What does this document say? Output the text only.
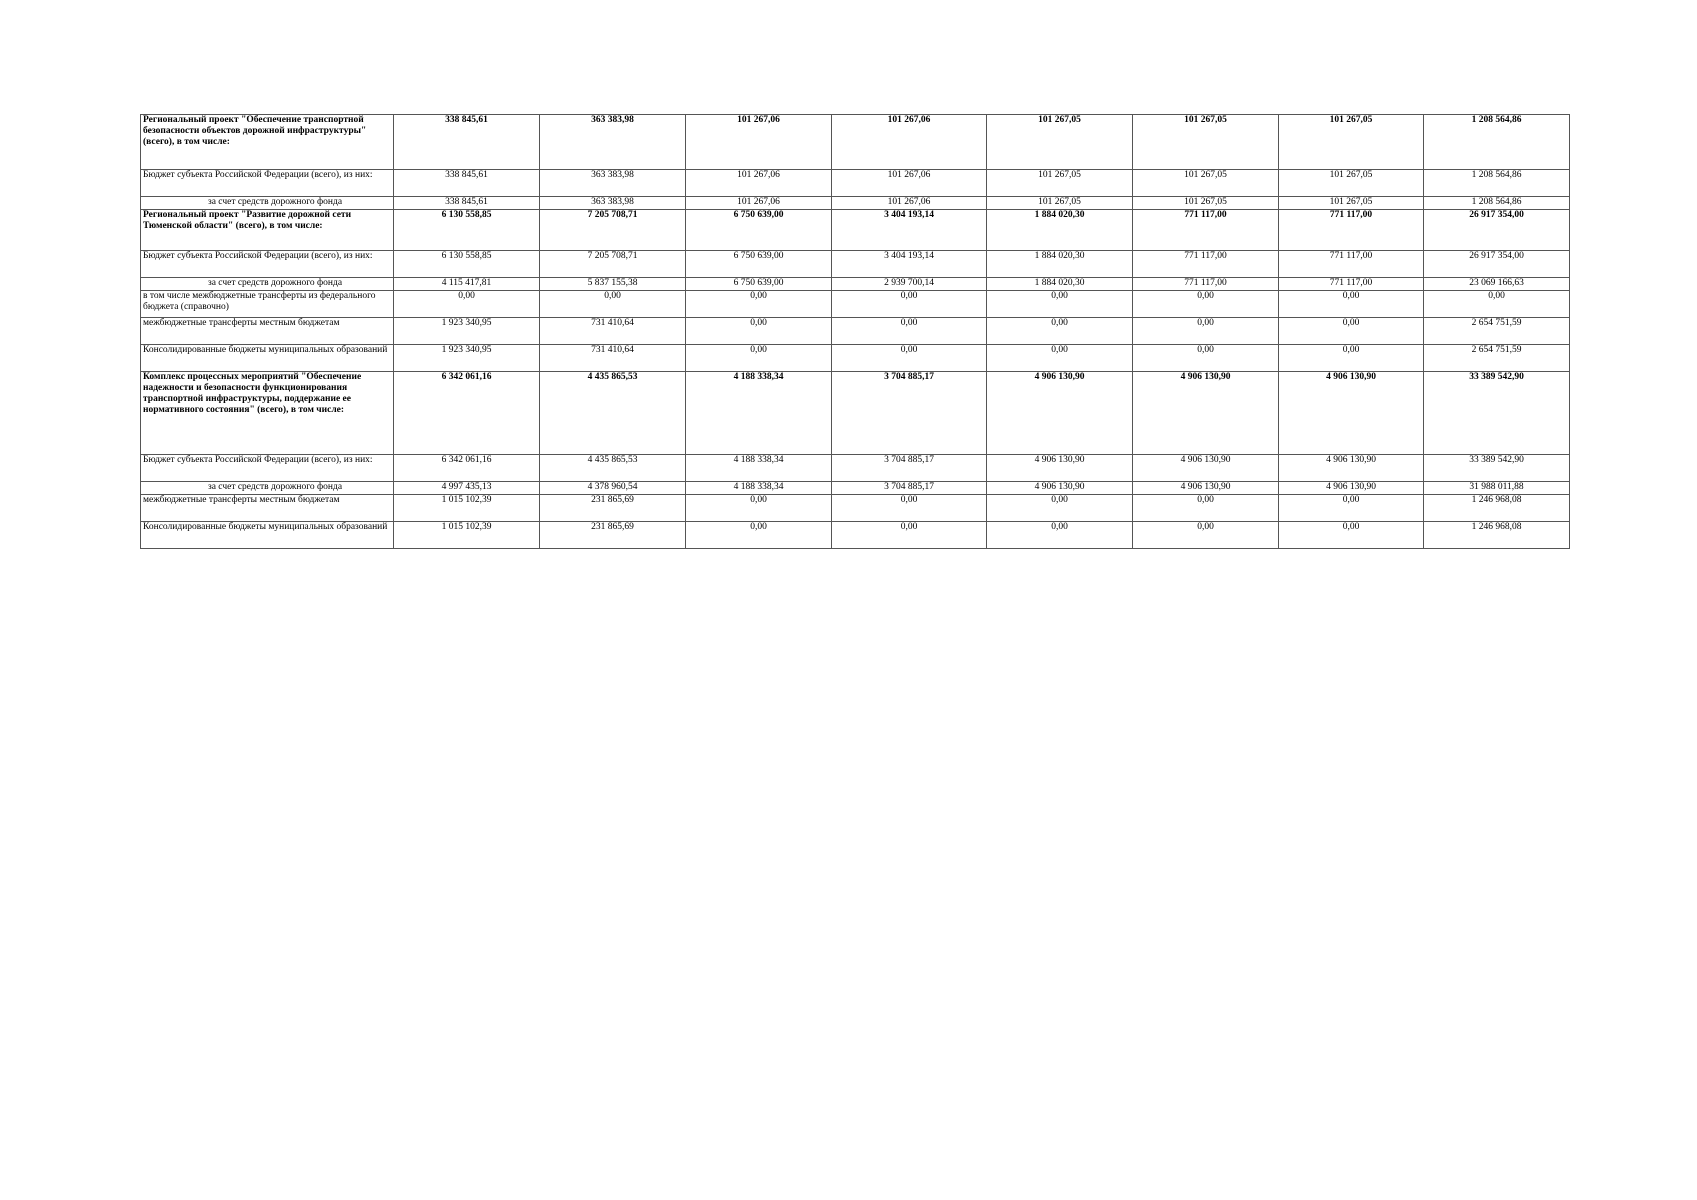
Региональный проект "Обеспечение транспортной безопасности объектов дорожной инфраструктуры" (всего), в том числе:	338 845,61	363 383,98	101 267,06	101 267,06	101 267,05	101 267,05	101 267,05	1 208 564,86
Бюджет субъекта Российской Федерации (всего), из них:	338 845,61	363 383,98	101 267,06	101 267,06	101 267,05	101 267,05	101 267,05	1 208 564,86
за счет средств дорожного фонда	338 845,61	363 383,98	101 267,06	101 267,06	101 267,05	101 267,05	101 267,05	1 208 564,86
Региональный проект "Развитие дорожной сети Тюменской области" (всего), в том числе:	6 130 558,85	7 205 708,71	6 750 639,00	3 404 193,14	1 884 020,30	771 117,00	771 117,00	26 917 354,00
Бюджет субъекта Российской Федерации (всего), из них:	6 130 558,85	7 205 708,71	6 750 639,00	3 404 193,14	1 884 020,30	771 117,00	771 117,00	26 917 354,00
за счет средств дорожного фонда	4 115 417,81	5 837 155,38	6 750 639,00	2 939 700,14	1 884 020,30	771 117,00	771 117,00	23 069 166,63
в том числе межбюджетные трансферты из федерального бюджета (справочно)	0,00	0,00	0,00	0,00	0,00	0,00	0,00	0,00
межбюджетные трансферты местным бюджетам	1 923 340,95	731 410,64	0,00	0,00	0,00	0,00	0,00	2 654 751,59
Консолидированные бюджеты муниципальных образований	1 923 340,95	731 410,64	0,00	0,00	0,00	0,00	0,00	2 654 751,59
Комплекс процессных мероприятий "Обеспечение надежности и безопасности функционирования транспортной инфраструктуры, поддержание ее нормативного состояния" (всего), в том числе:	6 342 061,16	4 435 865,53	4 188 338,34	3 704 885,17	4 906 130,90	4 906 130,90	4 906 130,90	33 389 542,90
Бюджет субъекта Российской Федерации (всего), из них:	6 342 061,16	4 435 865,53	4 188 338,34	3 704 885,17	4 906 130,90	4 906 130,90	4 906 130,90	33 389 542,90
за счет средств дорожного фонда	4 997 435,13	4 378 960,54	4 188 338,34	3 704 885,17	4 906 130,90	4 906 130,90	4 906 130,90	31 988 011,88
межбюджетные трансферты местным бюджетам	1 015 102,39	231 865,69	0,00	0,00	0,00	0,00	0,00	1 246 968,08
Консолидированные бюджеты муниципальных образований	1 015 102,39	231 865,69	0,00	0,00	0,00	0,00	0,00	1 246 968,08
